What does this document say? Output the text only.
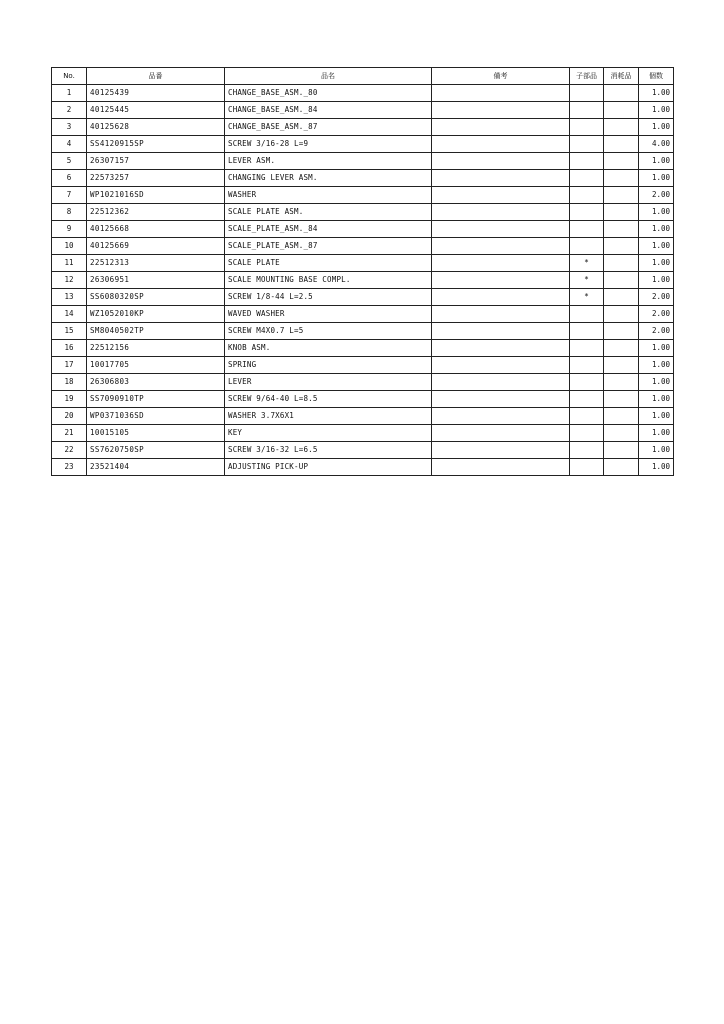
No.	品番	品名	備考	子部品	消耗品	個数
1	40125439	CHANGE_BASE_ASM._80				1.00
2	40125445	CHANGE_BASE_ASM._84				1.00
3	40125628	CHANGE_BASE_ASM._87				1.00
4	SS4120915SP	SCREW 3/16-28 L=9				4.00
5	26307157	LEVER ASM.				1.00
6	22573257	CHANGING LEVER ASM.				1.00
7	WP1021016SD	WASHER				2.00
8	22512362	SCALE PLATE ASM.				1.00
9	40125668	SCALE_PLATE_ASM._84				1.00
10	40125669	SCALE_PLATE_ASM._87				1.00
11	22512313	SCALE PLATE		*		1.00
12	26306951	SCALE MOUNTING BASE COMPL.		*		1.00
13	SS6080320SP	SCREW 1/8-44 L=2.5		*		2.00
14	WZ1052010KP	WAVED WASHER				2.00
15	SM8040502TP	SCREW M4X0.7 L=5				2.00
16	22512156	KNOB ASM.				1.00
17	10017705	SPRING				1.00
18	26306803	LEVER				1.00
19	SS7090910TP	SCREW 9/64-40 L=8.5				1.00
20	WP0371036SD	WASHER 3.7X6X1				1.00
21	10015105	KEY				1.00
22	SS7620750SP	SCREW 3/16-32 L=6.5				1.00
23	23521404	ADJUSTING PICK-UP				1.00
